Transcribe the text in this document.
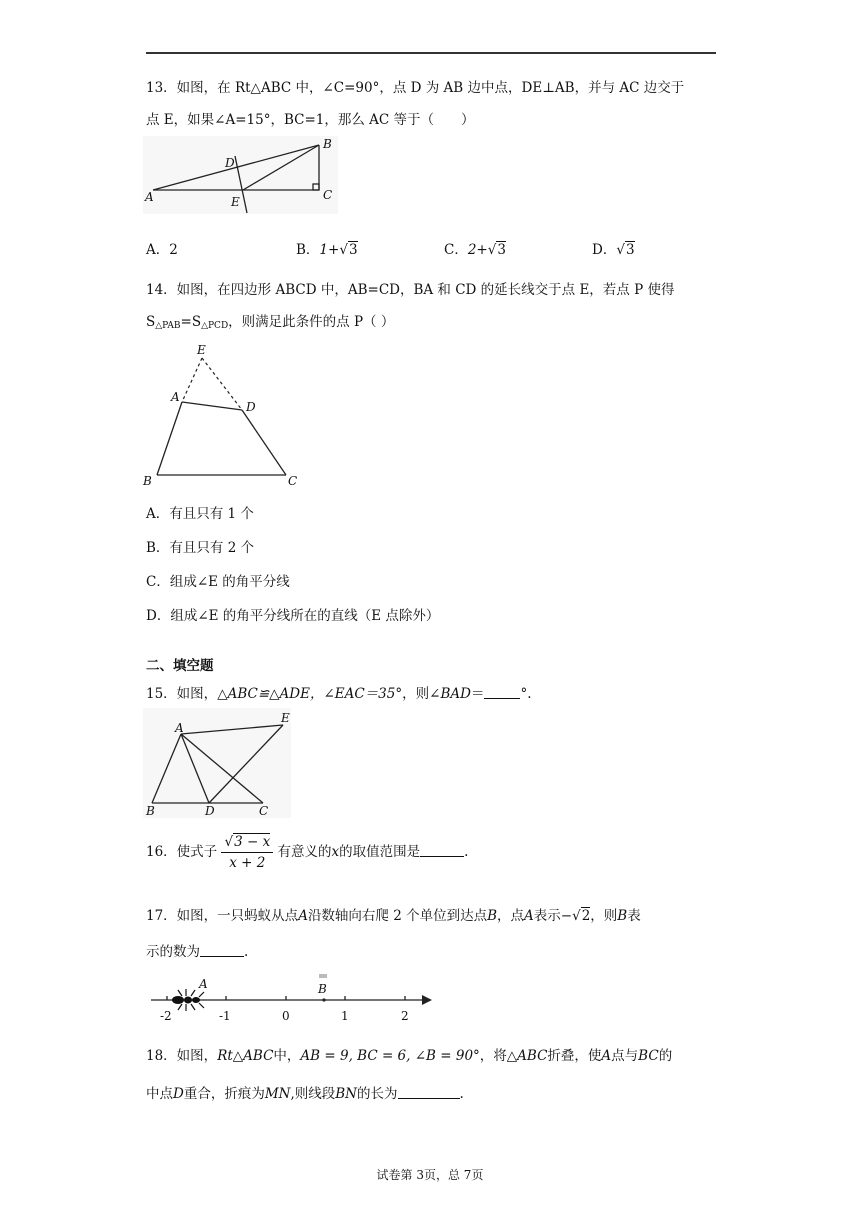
13．如图，在 Rt△ABC 中，∠C=90°，点 D 为 AB 边中点，DE⊥AB，并与 AC 边交于
点 E，如果∠A=15°，BC=1，那么 AC 等于（　　）
A
B
C
D
E
A．2	B．1+√3	C．2+√3	D．√3
14．如图，在四边形 ABCD 中，AB=CD，BA 和 CD 的延长线交于点 E，若点 P 使得
$S_{\triangle PAB}=S_{\triangle PCD}$，则满足此条件的点 P（ ）
E
A
D
B	C
A．有且只有 1 个
B．有且只有 2 个
C．组成∠E 的角平分线
D．组成∠E 的角平分线所在的直线（E 点除外）
二、填空题
15．如图，△ABC≌△ADE，∠EAC＝35°，则∠BAD＝	°.
A
E
B	D	C
16．使式子 $\frac{√3 - x}{x + 2}$ 有意义的x的取值范围是	.
17．如图，一只蚂蚁从点A沿数轴向右爬 2 个单位到达点B，点A表示−√2，则B表
示的数为	.
A	B
-2	-1	0	1	2
18．如图，Rt△ABC中，AB = 9, BC = 6, ∠B = 90°，将△ABC折叠，使A点与BC的
中点D重合，折痕为MN,则线段BN的长为	.
试卷第 3页，总 7页
